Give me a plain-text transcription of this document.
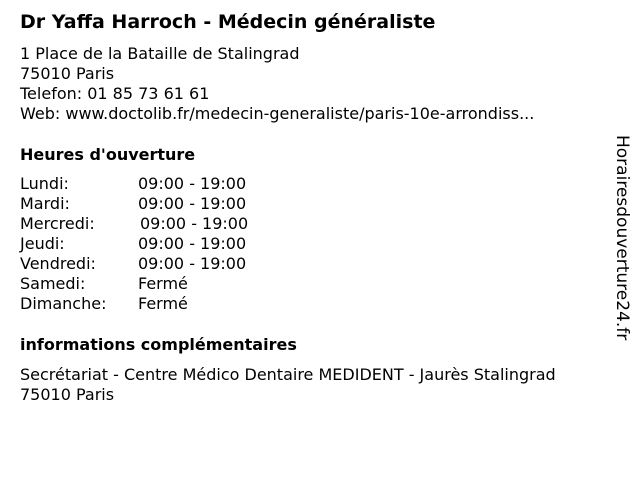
Dr Yaffa Harroch - Médecin généraliste
1 Place de la Bataille de Stalingrad
75010 Paris
Telefon: 01 85 73 61 61
Web: www.doctolib.fr/medecin-generaliste/paris-10e-arrondiss...
Heures d'ouverture
Lundi:	09:00 - 19:00
Mardi:	09:00 - 19:00
Mercredi:	09:00 - 19:00
Jeudi:	09:00 - 19:00
Vendredi:	09:00 - 19:00
Samedi:	Fermé
Dimanche: Fermé
informations complémentaires
Secrétariat - Centre Médico Dentaire MEDIDENT - Jaurès Stalingrad
75010 Paris
Horairesdouverture24.fr
